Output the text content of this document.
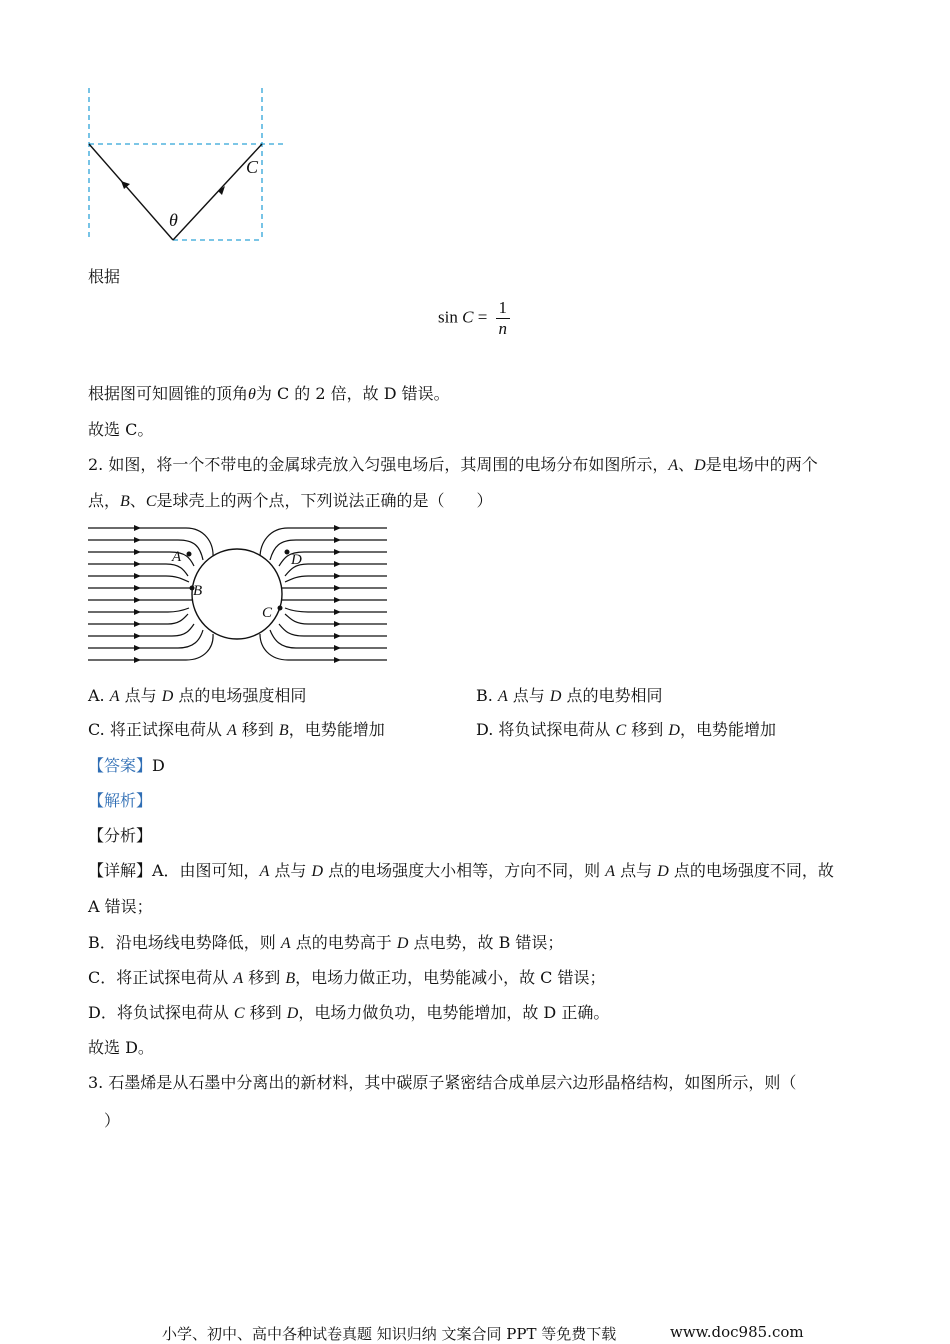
C
θ
根据
$\sin C = \frac{1}{n}$
根据图可知圆锥的顶角θ为 C 的 2 倍，故 D 错误。
故选 C。
2. 如图，将一个不带电的金属球壳放入匀强电场后，其周围的电场分布如图所示，A、D是电场中的两个
点，B、C是球壳上的两个点，下列说法正确的是（　　）
A
B
C
D
A. A 点与 D 点的电场强度相同	B. A 点与 D 点的电势相同
C. 将正试探电荷从 A 移到 B，电势能增加	D. 将负试探电荷从 C 移到 D，电势能增加
【答案】D
【解析】
【分析】
【详解】A．由图可知，A 点与 D 点的电场强度大小相等，方向不同，则 A 点与 D 点的电场强度不同，故
A 错误；
B．沿电场线电势降低，则 A 点的电势高于 D 点电势，故 B 错误；
C．将正试探电荷从 A 移到 B，电场力做正功，电势能减小，故 C 错误；
D．将负试探电荷从 C 移到 D，电场力做负功，电势能增加，故 D 正确。
故选 D。
3. 石墨烯是从石墨中分离出的新材料，其中碳原子紧密结合成单层六边形晶格结构，如图所示，则（
）
小学、初中、高中各种试卷真题 知识归纳 文案合同 PPT 等免费下载	www.doc985.com
